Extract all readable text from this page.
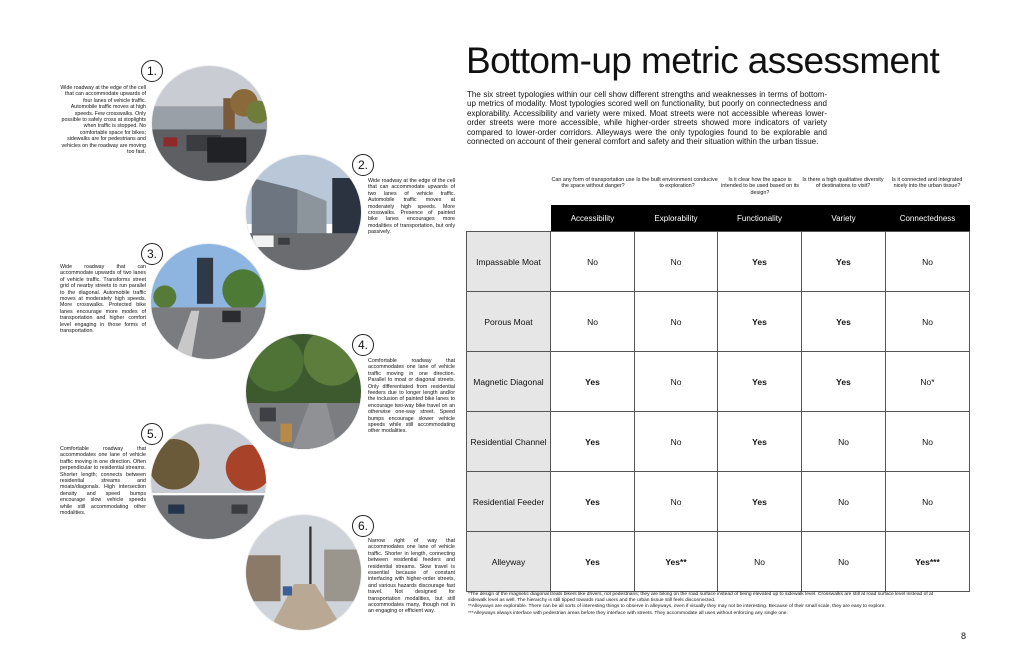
1.
Wide roadway at the edge of the cell that can accommodate upwards of four lanes of vehicle traffic. Automobile traffic moves at high speeds. Few crosswalks. Only possible to safely cross at stoplights when traffic is stopped. No comfortable space for bikes; sidewalks are for pedestrians and vehicles on the roadway are moving too fast.
2.
Wide roadway at the edge of the cell that can accommodate upwards of two lanes of vehicle traffic. Automobile traffic moves at moderately high speeds. More crosswalks. Presence of painted bike lanes encourages more modalities of transportation, but only passively.
3.
Wide roadway that can accommodate upwards of two lanes of vehicle traffic. Transforms street grid of nearby streets to run parallel to the diagonal. Automobile traffic moves at moderately high speeds. More crosswalks. Protected bike lanes encourage more modes of transportation and higher comfort level engaging in those forms of transportation.
4.
Comfortable roadway that accommodates one lane of vehicle traffic moving in one direction. Parallel to moat or diagonal streets. Only differentiated from residential feeders due to longer length and/or the inclusion of painted bike lanes to encourage two-way bike travel on an otherwise one-way street. Speed bumps encourage slower vehicle speeds while still accommodating other modalities.
5.
Comfortable roadway that accommodates one lane of vehicle traffic moving in one direction. Often perpendicular to residential streams. Shorter length; connects between residential streams and moats/diagonals. High intersection density and speed bumps encourage slow vehicle speeds while still accommodating other modalities.
6.
Narrow right of way that accommodates one lane of vehicle traffic. Shorter in length, connecting between residential feeders and residential streams. Slow travel is essential because of constant interfacing with higher-order streets, and various hazards discourage fast travel. Not designed for transportation modalities, but still accommodates many, though not in an engaging or efficient way.
Bottom-up metric assessment
The six street typologies within our cell show different strengths and weaknesses in terms of bottom-up metrics of modality. Most typologies scored well on functionality, but poorly on connectedness and explorability. Accessibility and variety were mixed. Moat streets were not accessible whereas lower-order streets were more accessible, while higher-order streets showed more indicators of variety compared to lower-order corridors. Alleyways were the only typologies found to be explorable and connected on account of their general comfort and safety and their situation within the urban tissue.
Can any form of transportation use the space without danger?
Is the built environment conducive to exploration?
Is it clear how the space is intended to be used based on its design?
Is there a high qualitative diversity of destinations to visit?
Is it connected and integrated nicely into the urban tissue?
	Accessibility	Explorability	Functionality	Variety	Connectedness
Impassable Moat	No	No	Yes	Yes	No
Porous Moat	No	No	Yes	Yes	No
Magnetic Diagonal	Yes	No	Yes	Yes	No*
Residential Channel	Yes	No	Yes	No	No
Residential Feeder	Yes	No	Yes	No	No
Alleyway	Yes	Yes**	No	No	Yes***
*The design of the magnetic diagonal treats bikers like drivers, not pedestrians; they are biking on the road surface instead of being elevated up to sidewalk level. Crosswalks are still at road surface level instead of at sidewalk level as well. The hierarchy is still tipped towards road users and the urban tissue still feels disconnected.
**Alleyways are explorable. There can be all sorts of interesting things to observe in alleyways, even if visually they may not be interesting. Because of their small scale, they are easy to explore.
***Alleyways always interface with pedestrian areas before they interface with streets. They accommodate all uses without enforcing any single one.
8
